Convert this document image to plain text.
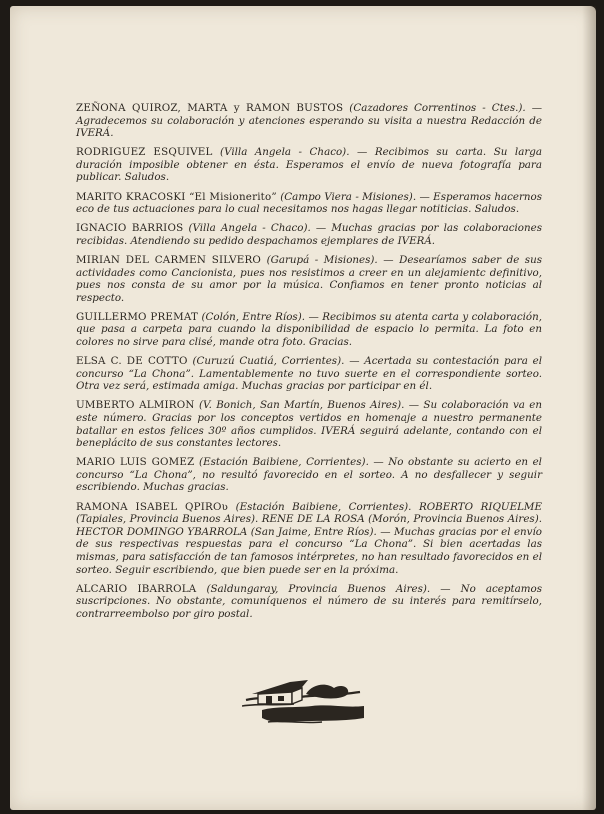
ZEÑONA QUIROZ, MARTA y RAMON BUSTOS (Cazadores Correntinos - Ctes.). — Agradecemos su colaboración y atenciones esperando su visita a nuestra Redacción de IVERÁ.

RODRIGUEZ ESQUIVEL (Villa Angela - Chaco). — Recibimos su carta. Su larga duración imposible obtener en ésta. Esperamos el envío de nueva fotografía para publicar. Saludos.

MARITO KRACOSKI “El Misionerito” (Campo Viera - Misiones). — Esperamos hacernos eco de tus actuaciones para lo cual necesitamos nos hagas llegar notiticias. Saludos.

IGNACIO BARRIOS (Villa Angela - Chaco). — Muchas gracias por las colaboraciones recibidas. Atendiendo su pedido despachamos ejemplares de IVERÁ.

MIRIAN DEL CARMEN SILVERO (Garupá - Misiones). — Desearíamos saber de sus actividades como Cancionista, pues nos resistimos a creer en un alejamientc definitivo, pues nos consta de su amor por la música. Confiamos en tener pronto noticias al respecto.

GUILLERMO PREMAT (Colón, Entre Ríos). — Recibimos su atenta carta y colaboración, que pasa a carpeta para cuando la disponibilidad de espacio lo permita. La foto en colores no sirve para clisé, mande otra foto. Gracias.

ELSA C. DE COTTO (Curuzú Cuatiá, Corrientes). — Acertada su contestación para el concurso “La Chona”. Lamentablemente no tuvo suerte en el correspondiente sorteo. Otra vez será, estimada amiga. Muchas gracias por participar en él.

UMBERTO ALMIRON (V. Bonich, San Martín, Buenos Aires). — Su colaboración va en este número. Gracias por los conceptos vertidos en homenaje a nuestro permanente batallar en estos felices 30º años cumplidos. IVERÁ seguirá adelante, contando con el beneplácito de sus constantes lectores.

MARIO LUIS GOMEZ (Estación Baibiene, Corrientes). — No obstante su acierto en el concurso “La Chona”, no resultó favorecido en el sorteo. A no desfallecer y seguir escribiendo. Muchas gracias.

RAMONA ISABEL QPIROʋ (Estación Baibiene, Corrientes). ROBERTO RIQUELME (Tapiales, Provincia Buenos Aires). RENE DE LA ROSA (Morón, Provincia Buenos Aires). HECTOR DOMINGO YBARROLA (San Jaime, Entre Ríos). — Muchas gracias por el envío de sus respectivas respuestas para el concurso “La Chona”. Si bien acertadas las mismas, para satisfacción de tan famosos intérpretes, no han resultado favorecidos en el sorteo. Seguir escribiendo, que bien puede ser en la próxima.

ALCARIO IBARROLA (Saldungaray, Provincia Buenos Aires). — No aceptamos suscripciones. No obstante, comuníquenos el número de su interés para remitírselo, contrarreembolso por giro postal.
